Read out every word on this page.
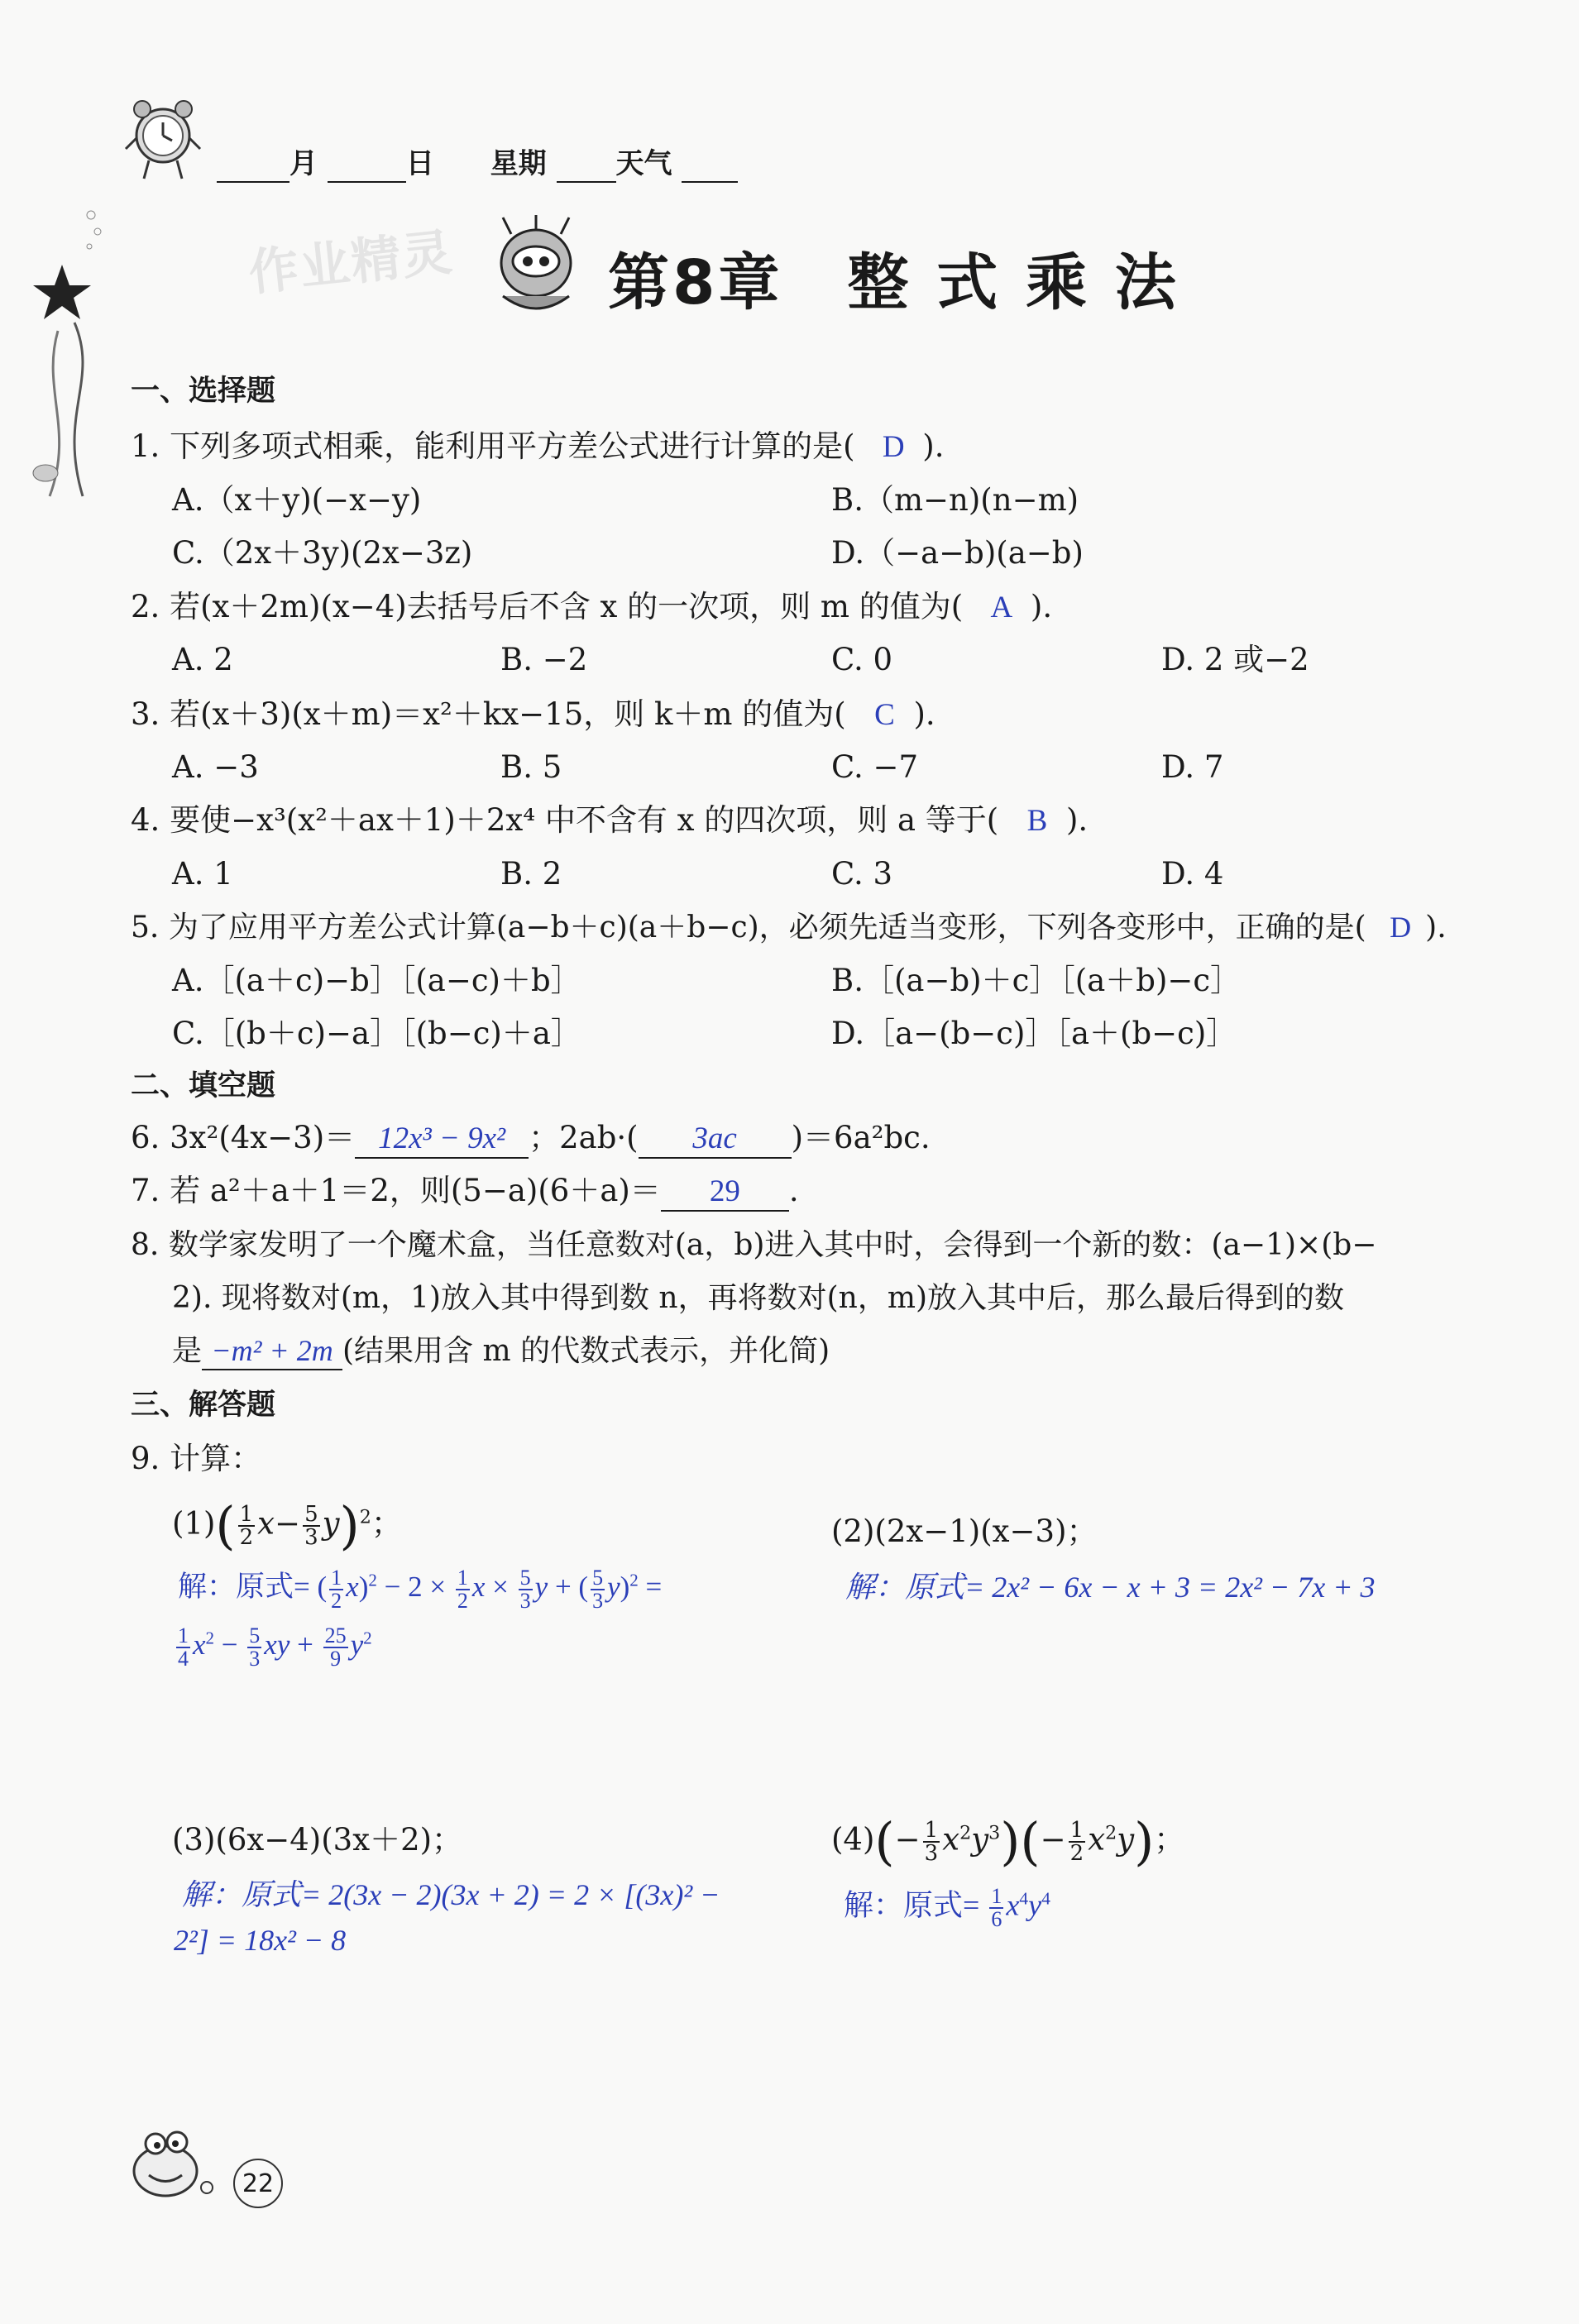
月	日 星期 天气
作业精灵 第8章　整 式 乘 法
一、选择题
1. 下列多项式相乘，能利用平方差公式进行计算的是( D ).
A.（x＋y)(−x−y)	B.（m−n)(n−m)
C.（2x＋3y)(2x−3z)	D.（−a−b)(a−b)
2. 若(x＋2m)(x−4)去括号后不含 x 的一次项，则 m 的值为( A ).
A. 2	B. −2	C. 0	D. 2 或−2
3. 若(x＋3)(x＋m)＝x²＋kx−15，则 k＋m 的值为( C ).
A. −3	B. 5	C. −7	D. 7
4. 要使−x³(x²＋ax＋1)＋2x⁴ 中不含有 x 的四次项，则 a 等于( B ).
A. 1	B. 2	C. 3	D. 4
5. 为了应用平方差公式计算(a−b＋c)(a＋b−c)，必须先适当变形，下列各变形中，正确的是( D ).
A.［(a＋c)−b］［(a−c)＋b］	B.［(a−b)＋c］［(a＋b)−c］
C.［(b＋c)−a］［(b−c)＋a］	D.［a−(b−c)］［a＋(b−c)］
二、填空题
6. 3x²(4x−3)＝ 12x³ − 9x² ；2ab·( 3ac )＝6a²bc.
7. 若 a²＋a＋1＝2，则(5−a)(6＋a)＝ 29 .
8. 数学家发明了一个魔术盒，当任意数对(a，b)进入其中时，会得到一个新的数：(a−1)×(b−
2). 现将数对(m，1)放入其中得到数 n，再将数对(n，m)放入其中后，那么最后得到的数
是 −m² + 2m (结果用含 m 的代数式表示，并化简)
三、解答题
9. 计算：
$(1)( \frac{1}{2} x- \frac{5}{3} y)^2$；
解：原式= ( $\frac{1}{2} x)^2 - 2 \times \frac{1}{2}$ $x \times \frac{5}{3}$ y + ( $\frac{5}{3} y)^2$ =
$\frac{1}{4} x^2 - \frac{5}{3}$ xy + $\frac{25}{9} y^2$
(2)(2x−1)(x−3)；
解：原式= 2x² − 6x − x + 3 = 2x² − 7x + 3
(3)(6x−4)(3x＋2)；
解：原式= 2(3x − 2)(3x + 2) = 2 × [(3x)² −
2²] = 18x² − 8
$(4)(- \frac{1}{3} x^2y^3)(- \frac{1}{2} x^2y)$；
解：原式= $\frac{1}{6} x^4y^4$
22
